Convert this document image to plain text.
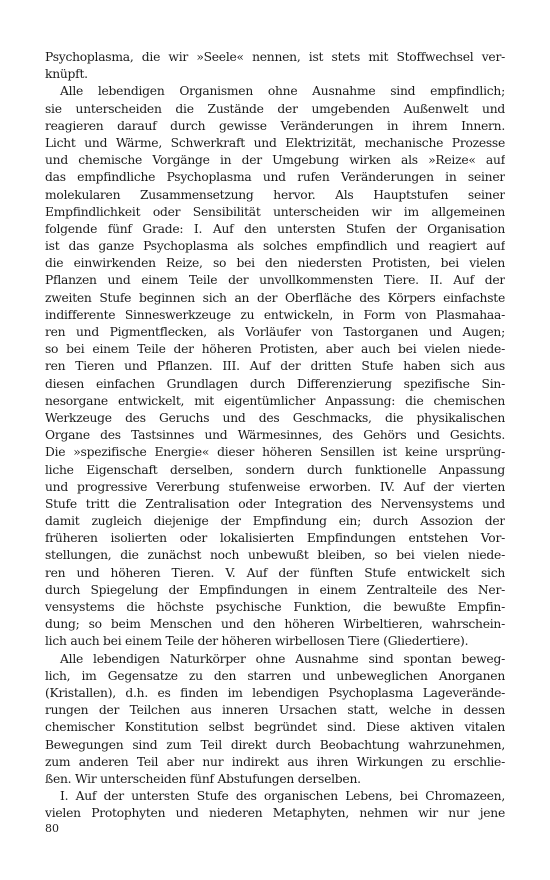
Psychoplasma, die wir »Seele« nennen, ist stets mit Stoffwechsel ver-
knüpft.
Alle lebendigen Organismen ohne Ausnahme sind empfindlich;
sie unterscheiden die Zustände der umgebenden Außenwelt und
reagieren darauf durch gewisse Veränderungen in ihrem Innern.
Licht und Wärme, Schwerkraft und Elektrizität, mechanische Prozesse
und chemische Vorgänge in der Umgebung wirken als »Reize« auf
das empfindliche Psychoplasma und rufen Veränderungen in seiner
molekularen Zusammensetzung hervor. Als Hauptstufen seiner
Empfindlichkeit oder Sensibilität unterscheiden wir im allgemeinen
folgende fünf Grade: I. Auf den untersten Stufen der Organisation
ist das ganze Psychoplasma als solches empfindlich und reagiert auf
die einwirkenden Reize, so bei den niedersten Protisten, bei vielen
Pflanzen und einem Teile der unvollkommensten Tiere. II. Auf der
zweiten Stufe beginnen sich an der Oberfläche des Körpers einfachste
indifferente Sinneswerkzeuge zu entwickeln, in Form von Plasmahaa-
ren und Pigmentflecken, als Vorläufer von Tastorganen und Augen;
so bei einem Teile der höheren Protisten, aber auch bei vielen niede-
ren Tieren und Pflanzen. III. Auf der dritten Stufe haben sich aus
diesen einfachen Grundlagen durch Differenzierung spezifische Sin-
nesorgane entwickelt, mit eigentümlicher Anpassung: die chemischen
Werkzeuge des Geruchs und des Geschmacks, die physikalischen
Organe des Tastsinnes und Wärmesinnes, des Gehörs und Gesichts.
Die »spezifische Energie« dieser höheren Sensillen ist keine ursprüng-
liche Eigenschaft derselben, sondern durch funktionelle Anpassung
und progressive Vererbung stufenweise erworben. IV. Auf der vierten
Stufe tritt die Zentralisation oder Integration des Nervensystems und
damit zugleich diejenige der Empfindung ein; durch Assozion der
früheren isolierten oder lokalisierten Empfindungen entstehen Vor-
stellungen, die zunächst noch unbewußt bleiben, so bei vielen niede-
ren und höheren Tieren. V. Auf der fünften Stufe entwickelt sich
durch Spiegelung der Empfindungen in einem Zentralteile des Ner-
vensystems die höchste psychische Funktion, die bewußte Empfin-
dung; so beim Menschen und den höheren Wirbeltieren, wahrschein-
lich auch bei einem Teile der höheren wirbellosen Tiere (Gliedertiere).
Alle lebendigen Naturkörper ohne Ausnahme sind spontan beweg-
lich, im Gegensatze zu den starren und unbeweglichen Anorganen
(Kristallen), d.h. es finden im lebendigen Psychoplasma Lageverände-
rungen der Teilchen aus inneren Ursachen statt, welche in dessen
chemischer Konstitution selbst begründet sind. Diese aktiven vitalen
Bewegungen sind zum Teil direkt durch Beobachtung wahrzunehmen,
zum anderen Teil aber nur indirekt aus ihren Wirkungen zu erschlie-
ßen. Wir unterscheiden fünf Abstufungen derselben.
I. Auf der untersten Stufe des organischen Lebens, bei Chromazeen,
vielen Protophyten und niederen Metaphyten, nehmen wir nur jene
80
